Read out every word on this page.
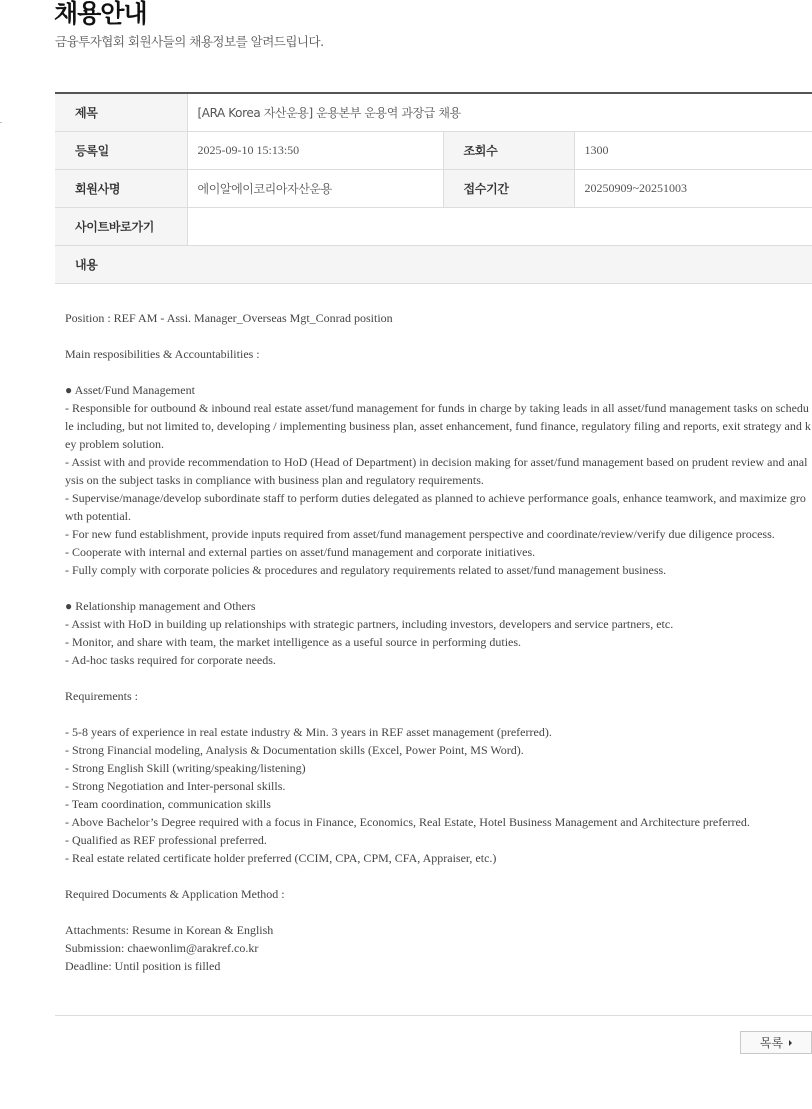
채용안내

금융투자협회 회원사들의 채용정보를 알려드립니다.

제목	[ARA Korea 자산운용] 운용본부 운용역 과장급 채용		
등록일	2025-09-10 15:13:50	조회수	1300
회원사명	에이알에이코리아자산운용	접수기간	20250909~20251003
사이트바로가기			
내용			
Position : REF AM - Assi. Manager_Overseas Mgt_Conrad position
Main resposibilities & Accountabilities :
● Asset/Fund Management
- Responsible for outbound & inbound real estate asset/fund management for funds in charge by taking leads in all asset/fund management tasks on schedule including, but not limited to, developing / implementing business plan, asset enhancement, fund finance, regulatory filing and reports, exit strategy and key problem solution.
- Assist with and provide recommendation to HoD (Head of Department) in decision making for asset/fund management based on prudent review and analysis on the subject tasks in compliance with business plan and regulatory requirements.
- Supervise/manage/develop subordinate staff to perform duties delegated as planned to achieve performance goals, enhance teamwork, and maximize growth potential.
- For new fund establishment, provide inputs required from asset/fund management perspective and coordinate/review/verify due diligence process.
- Cooperate with internal and external parties on asset/fund management and corporate initiatives.
- Fully comply with corporate policies & procedures and regulatory requirements related to asset/fund management business.
● Relationship management and Others
- Assist with HoD in building up relationships with strategic partners, including investors, developers and service partners, etc.
- Monitor, and share with team, the market intelligence as a useful source in performing duties.
- Ad-hoc tasks required for corporate needs.
Requirements :
- 5-8 years of experience in real estate industry & Min. 3 years in REF asset management (preferred).
- Strong Financial modeling, Analysis & Documentation skills (Excel, Power Point, MS Word).
- Strong English Skill (writing/speaking/listening)
- Strong Negotiation and Inter-personal skills.
- Team coordination, communication skills
- Above Bachelor’s Degree required with a focus in Finance, Economics, Real Estate, Hotel Business Management and Architecture preferred.
- Qualified as REF professional preferred.
- Real estate related certificate holder preferred (CCIM, CPA, CPM, CFA, Appraiser, etc.)
Required Documents & Application Method :
Attachments: Resume in Korean & English
Submission: chaewonlim@arakref.co.kr
Deadline: Until position is filled
목록
